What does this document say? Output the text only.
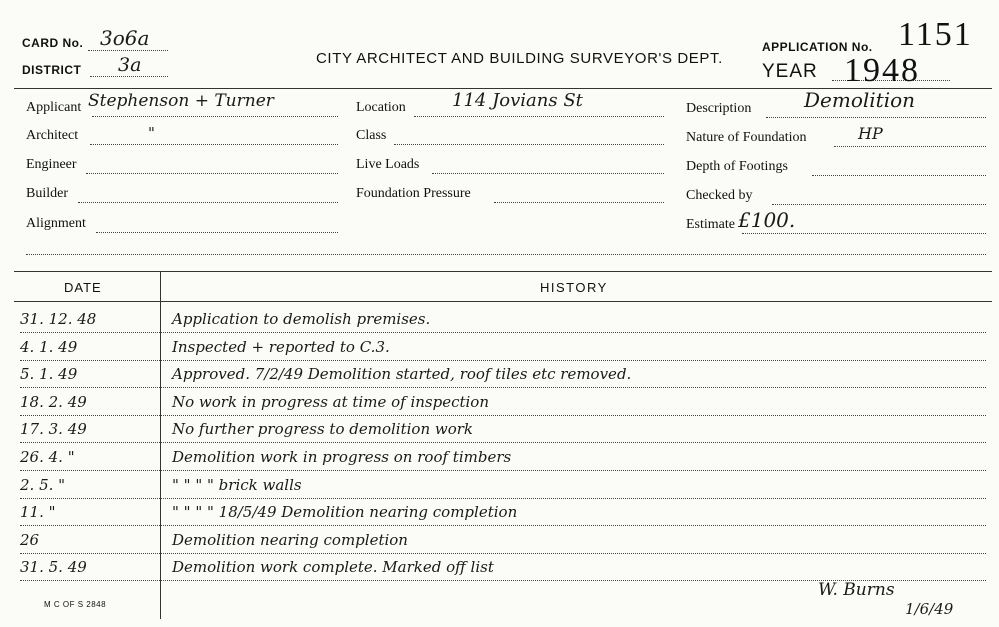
CARD No. 3o6a
DISTRICT 3a	CITY ARCHITECT AND BUILDING SURVEYOR'S DEPT.
APPLICATION No. 1151
YEAR 1948
Applicant Stephenson + Turner
Architect	"
Engineer
Builder
Alignment
Location	114 Jovians St
Class
Live Loads
Foundation Pressure
Description	Demolition
Nature of Foundation	HP
Depth of Footings
Checked by
Estimate £100.
DATE	HISTORY
31. 12. 48	Application to demolish premises.
4. 1. 49	Inspected + reported to C.3.
5. 1. 49	Approved. 7/2/49 Demolition started, roof tiles etc removed.
18. 2. 49	No work in progress at time of inspection
17. 3. 49	No further progress to demolition work
26. 4. "	Demolition work in progress on roof timbers
2. 5. "	" " " " brick walls
11. "	" " " " 18/5/49 Demolition nearing completion
26	Demolition nearing completion
31. 5. 49	Demolition work complete. Marked off list
W. Burns
1/6/49
M C OF S 2848
